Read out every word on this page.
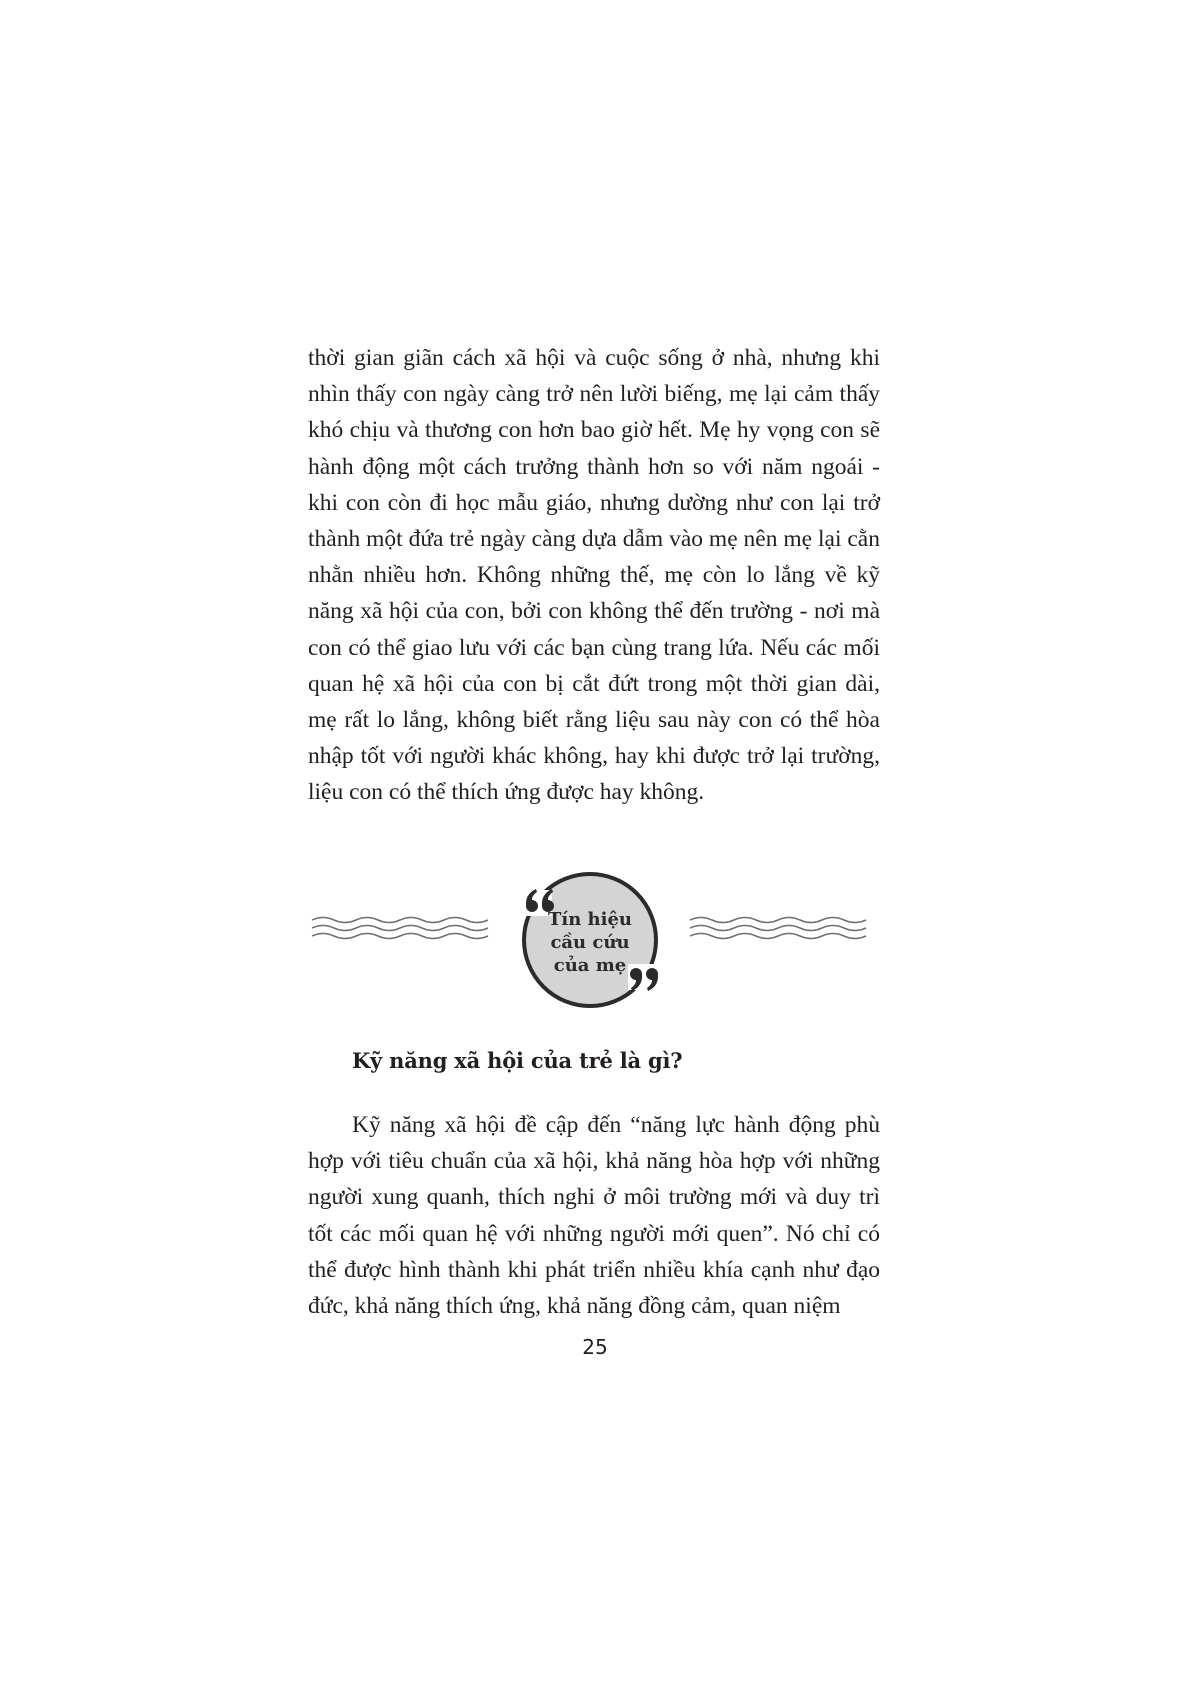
thời gian giãn cách xã hội và cuộc sống ở nhà, nhưng khi nhìn thấy con ngày càng trở nên lười biếng, mẹ lại cảm thấy khó chịu và thương con hơn bao giờ hết. Mẹ hy vọng con sẽ hành động một cách trưởng thành hơn so với năm ngoái - khi con còn đi học mẫu giáo, nhưng dường như con lại trở thành một đứa trẻ ngày càng dựa dẫm vào mẹ nên mẹ lại cằn nhằn nhiều hơn. Không những thế, mẹ còn lo lắng về kỹ năng xã hội của con, bởi con không thể đến trường - nơi mà con có thể giao lưu với các bạn cùng trang lứa. Nếu các mối quan hệ xã hội của con bị cắt đứt trong một thời gian dài, mẹ rất lo lắng, không biết rằng liệu sau này con có thể hòa nhập tốt với người khác không, hay khi được trở lại trường, liệu con có thể thích ứng được hay không.

Tín hiệu
cầu cứu
của mẹ
Kỹ năng xã hội của trẻ là gì?

Kỹ năng xã hội đề cập đến “năng lực hành động phù hợp với tiêu chuẩn của xã hội, khả năng hòa hợp với những người xung quanh, thích nghi ở môi trường mới và duy trì tốt các mối quan hệ với những người mới quen”. Nó chỉ có thể được hình thành khi phát triển nhiều khía cạnh như đạo đức, khả năng thích ứng, khả năng đồng cảm, quan niệm

25
